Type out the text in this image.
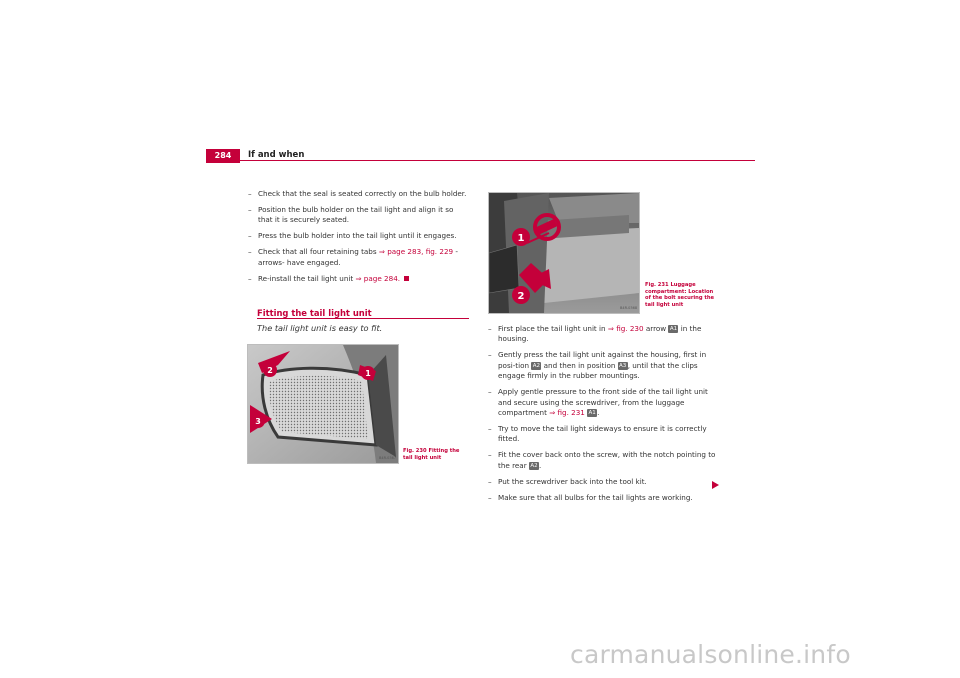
284	If and when
– Check that the seal is seated correctly on the bulb holder.
– Position the bulb holder on the tail light and align it so that it is securely seated.
– Press the bulb holder into the tail light until it engages.
– Check that all four retaining tabs ⇒ page 283, fig. 229 -arrows- have engaged.
– Re-install the tail light unit ⇒ page 284.
Fitting the tail light unit
The tail light unit is easy to fit.
2	1
3
B4R-0367
Fig. 230 Fitting the tail light unit
1
2
B4R-0368
Fig. 231 Luggage compartment: Location of the bolt securing the tail light unit
– First place the tail light unit in ⇒ fig. 230 arrow A1 in the housing.
– Gently press the tail light unit against the housing, first in posi-tion A2 and then in position A3, until that the clips engage firmly in the rubber mountings.
– Apply gentle pressure to the front side of the tail light unit and secure using the screwdriver, from the luggage compartment ⇒ fig. 231 A1.
– Try to move the tail light sideways to ensure it is correctly fitted.
– Fit the cover back onto the screw, with the notch pointing to the rear A2.
– Put the screwdriver back into the tool kit.
– Make sure that all bulbs for the tail lights are working.
carmanualsonline.info
